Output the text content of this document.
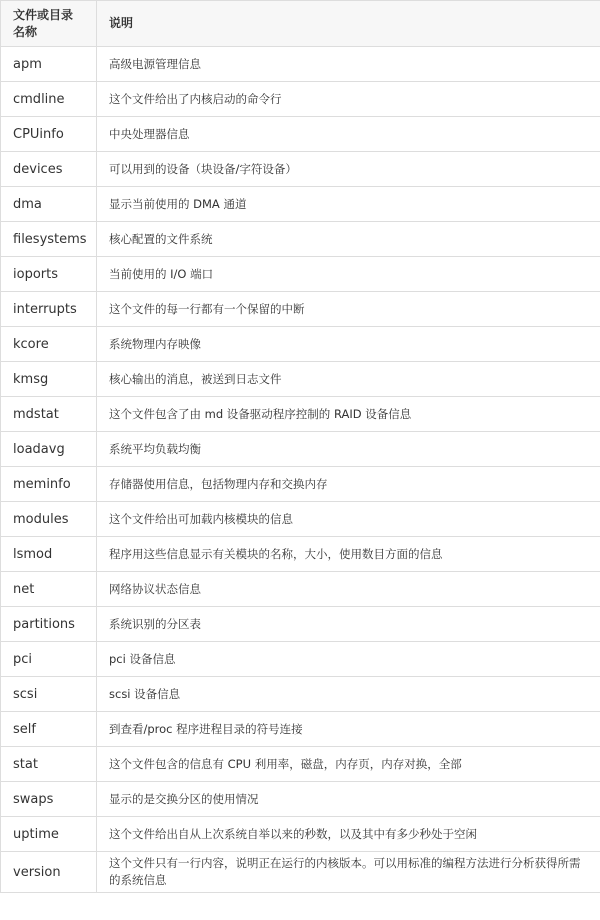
文件或目录名称	说明
apm	高级电源管理信息
cmdline	这个文件给出了内核启动的命令行
CPUinfo	中央处理器信息
devices	可以用到的设备（块设备/字符设备）
dma	显示当前使用的 DMA 通道
filesystems	核心配置的文件系统
ioports	当前使用的 I/O 端口
interrupts	这个文件的每一行都有一个保留的中断
kcore	系统物理内存映像
kmsg	核心输出的消息，被送到日志文件
mdstat	这个文件包含了由 md 设备驱动程序控制的 RAID 设备信息
loadavg	系统平均负载均衡
meminfo	存储器使用信息，包括物理内存和交换内存
modules	这个文件给出可加载内核模块的信息
lsmod	程序用这些信息显示有关模块的名称，大小，使用数目方面的信息
net	网络协议状态信息
partitions	系统识别的分区表
pci	pci 设备信息
scsi	scsi 设备信息
self	到查看/proc 程序进程目录的符号连接
stat	这个文件包含的信息有 CPU 利用率，磁盘，内存页，内存对换，全部
swaps	显示的是交换分区的使用情况
uptime	这个文件给出自从上次系统自举以来的秒数，以及其中有多少秒处于空闲
version	这个文件只有一行内容，说明正在运行的内核版本。可以用标准的编程方法进行分析获得所需的系统信息
